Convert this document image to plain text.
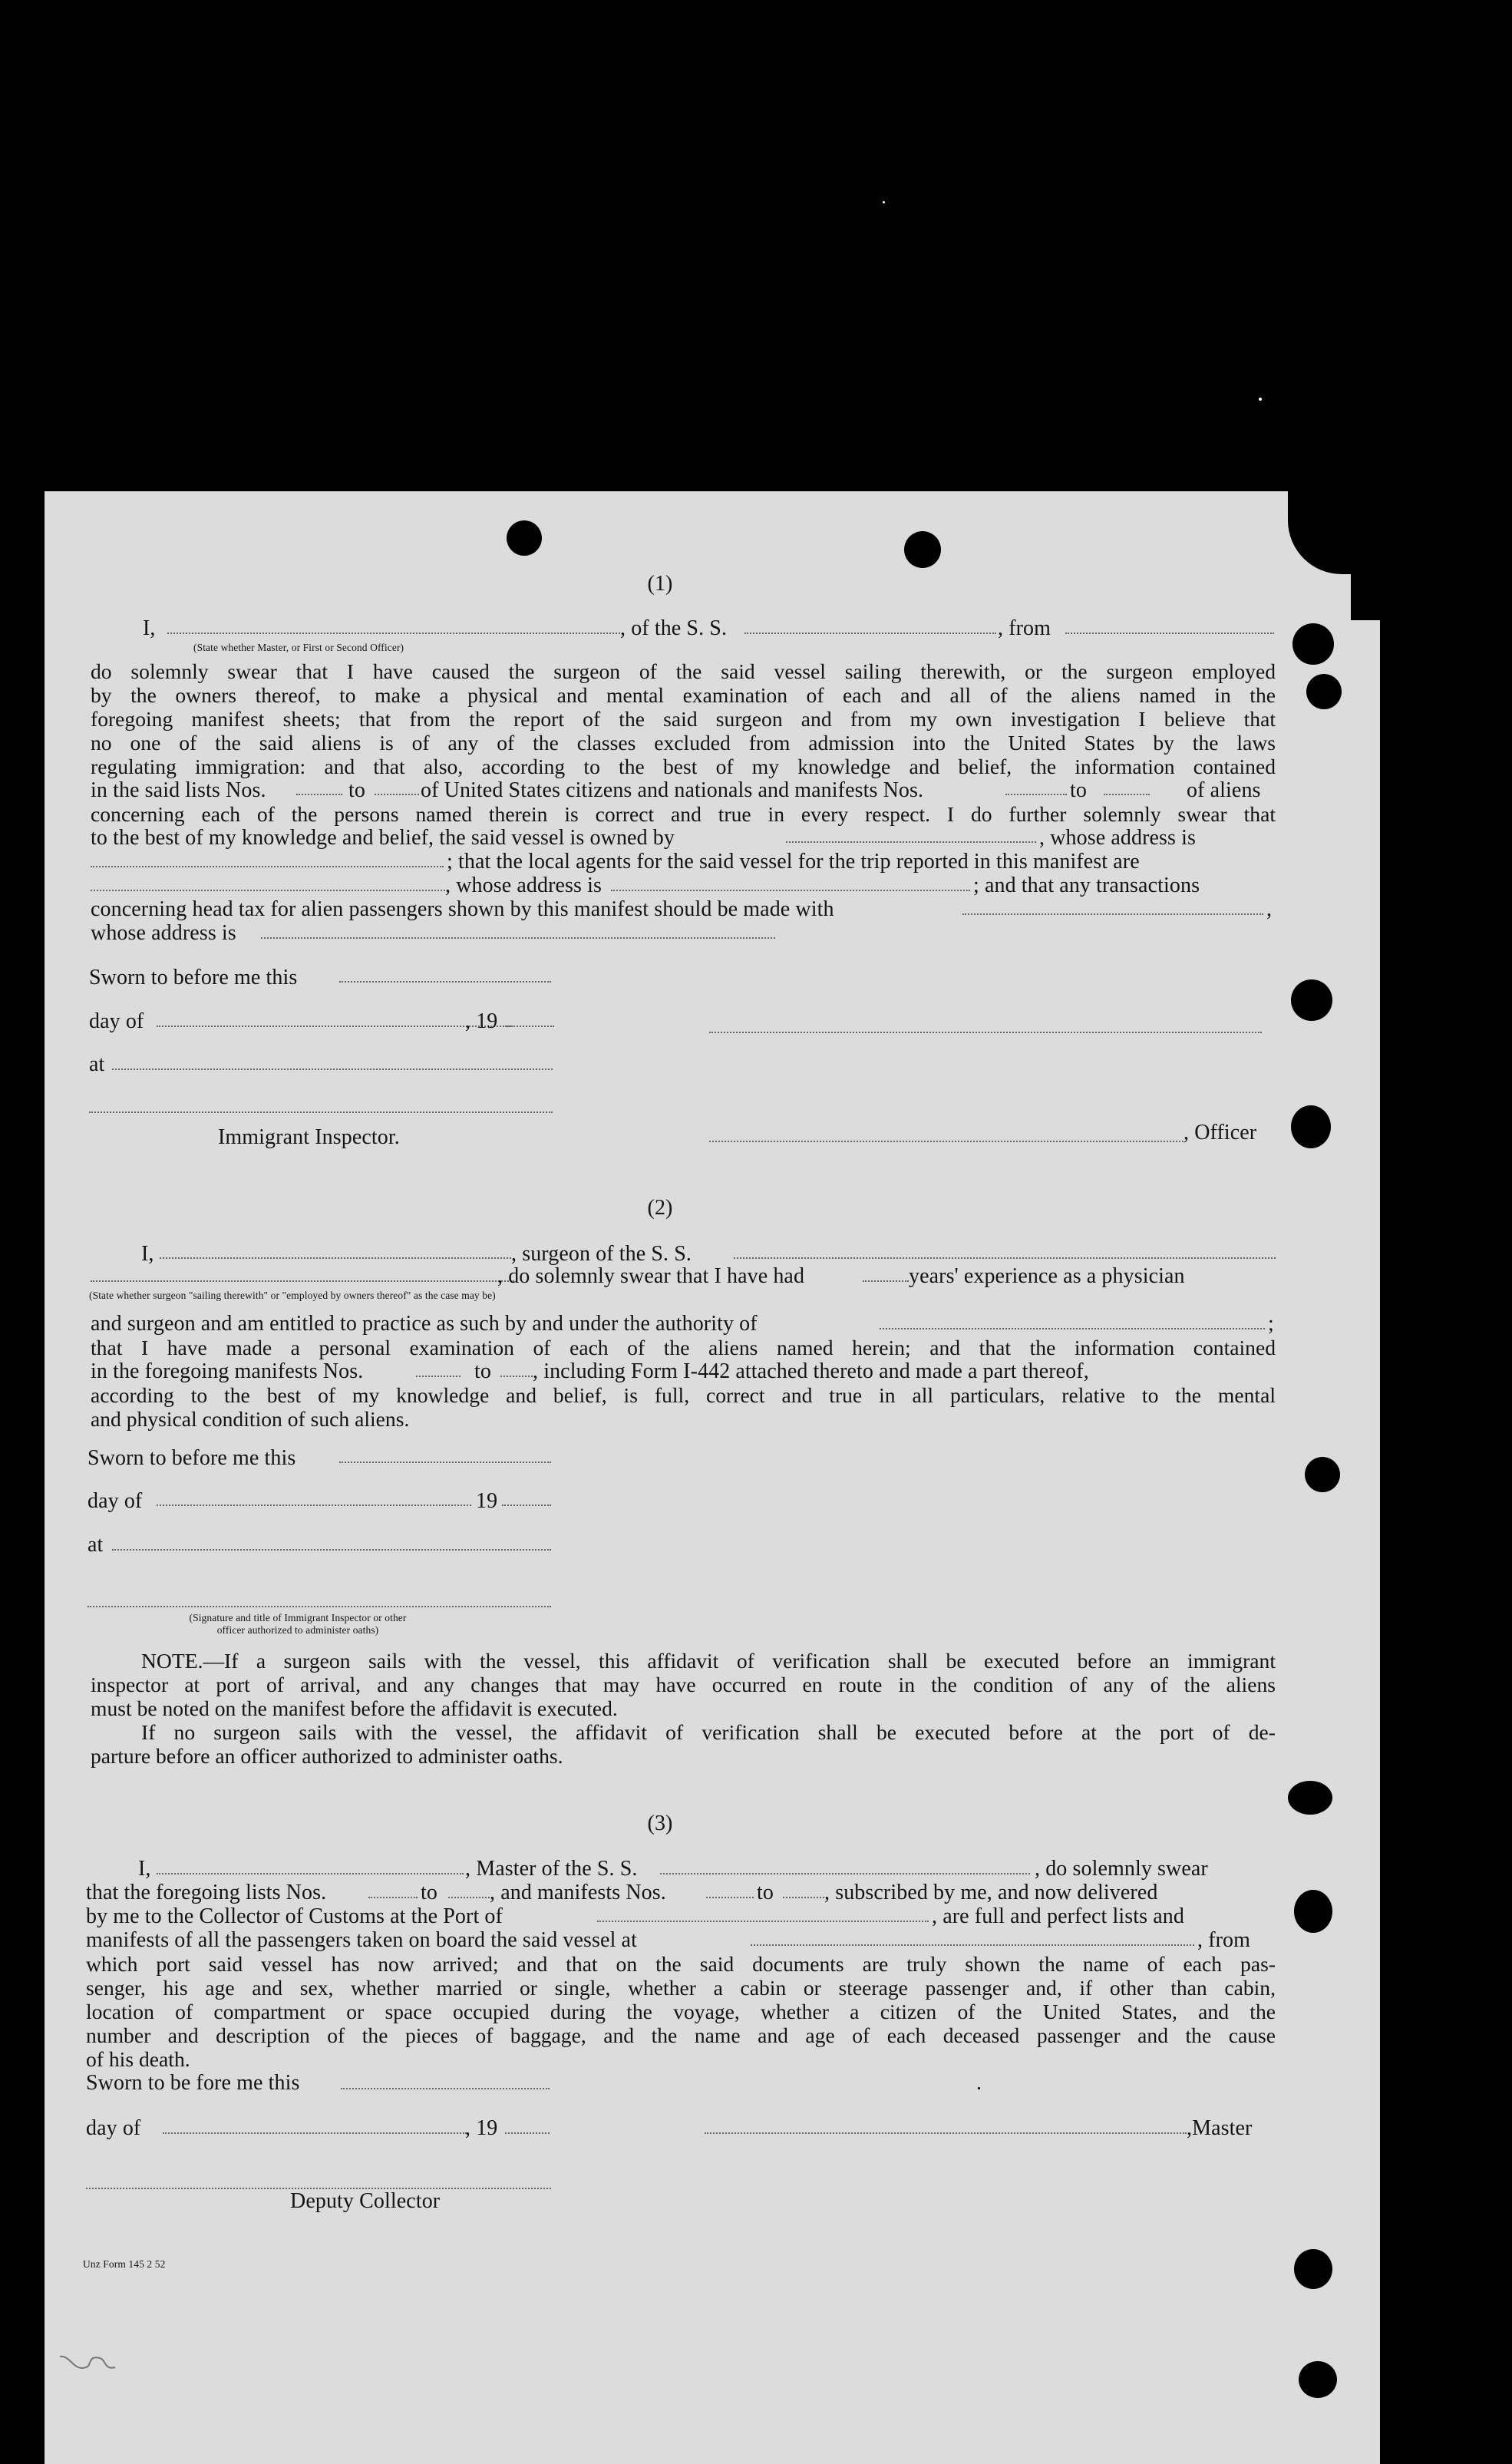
(1)
I,	, of the S. S.	, from
(State whether Master, or First or Second Officer)

do solemnly swear that I have caused the surgeon of the said vessel sailing therewith, or the surgeon employed

by the owners thereof, to make a physical and mental examination of each and all of the aliens named in the

foregoing manifest sheets; that from the report of the said surgeon and from my own investigation I believe that

no one of the said aliens is of any of the classes excluded from admission into the United States by the laws

regulating immigration: and that also, according to the best of my knowledge and belief, the information contained

in the said lists Nos.	to	of United States citizens and nationals and manifests Nos.	to	of aliens

concerning each of the persons named therein is correct and true in every respect. I do further solemnly swear that

to the best of my knowledge and belief, the said vessel is owned by	, whose address is
; that the local agents for the said vessel for the trip reported in this manifest are
, whose address is	; and that any transactions
concerning head tax for alien passengers shown by this manifest should be made with	,
whose address is
Sworn to before me this
day of	, 19
at
Immigrant Inspector.	, Officer
(2)
I,	, surgeon of the S. S.
, do solemnly swear that I have had	years' experience as a physician
(State whether surgeon "sailing therewith" or "employed by owners thereof" as the case may be)
and surgeon and am entitled to practice as such by and under the authority of	;

that I have made a personal examination of each of the aliens named herein; and that the information contained

in the foregoing manifests Nos.	to , including Form I-442 attached thereto and made a part thereof,

according to the best of my knowledge and belief, is full, correct and true in all particulars, relative to the mental

and physical condition of such aliens.

Sworn to before me this
day of	19
at
(Signature and title of Immigrant Inspector or other
officer authorized to administer oaths)

NOTE.—If a surgeon sails with the vessel, this affidavit of verification shall be executed before an immigrant

inspector at port of arrival, and any changes that may have occurred en route in the condition of any of the aliens

must be noted on the manifest before the affidavit is executed.

If no surgeon sails with the vessel, the affidavit of verification shall be executed before at the port of de-

parture before an officer authorized to administer oaths.

(3)
I,	, Master of the S. S.	, do solemnly swear
that the foregoing lists Nos.	to , and manifests Nos.	to , subscribed by me, and now delivered
by me to the Collector of Customs at the Port of	, are full and perfect lists and
manifests of all the passengers taken on board the said vessel at	, from

which port said vessel has now arrived; and that on the said documents are truly shown the name of each pas-

senger, his age and sex, whether married or single, whether a cabin or steerage passenger and, if other than cabin,

location of compartment or space occupied during the voyage, whether a citizen of the United States, and the

number and description of the pieces of baggage, and the name and age of each deceased passenger and the cause

of his death.

Sworn to be fore me this	.
day of	, 19	,Master
Deputy Collector
Unz Form 145 2 52
